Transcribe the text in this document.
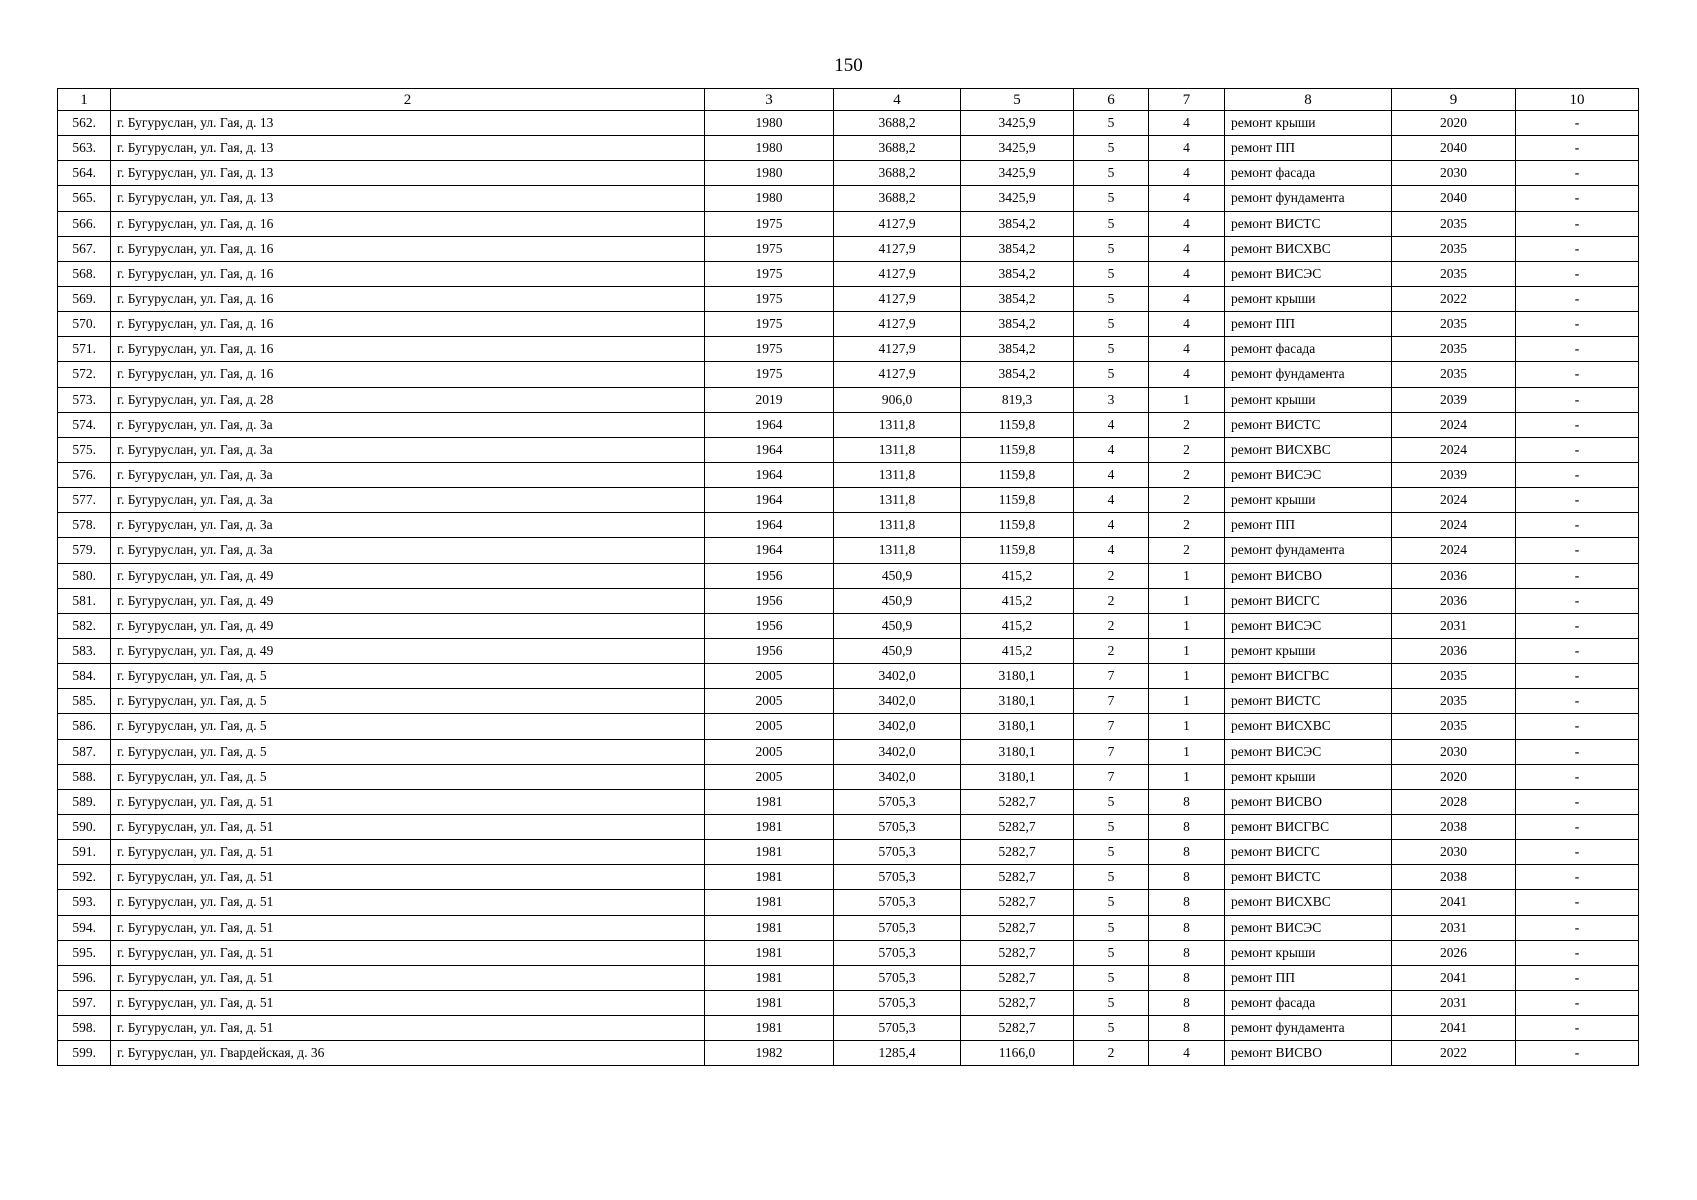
150
1	2	3	4	5	6	7	8	9	10
562.	г. Бугуруслан, ул. Гая, д. 13	1980	3688,2	3425,9	5	4	ремонт крыши	2020	-
563.	г. Бугуруслан, ул. Гая, д. 13	1980	3688,2	3425,9	5	4	ремонт ПП	2040	-
564.	г. Бугуруслан, ул. Гая, д. 13	1980	3688,2	3425,9	5	4	ремонт фасада	2030	-
565.	г. Бугуруслан, ул. Гая, д. 13	1980	3688,2	3425,9	5	4	ремонт фундамента	2040	-
566.	г. Бугуруслан, ул. Гая, д. 16	1975	4127,9	3854,2	5	4	ремонт ВИСТС	2035	-
567.	г. Бугуруслан, ул. Гая, д. 16	1975	4127,9	3854,2	5	4	ремонт ВИСХВС	2035	-
568.	г. Бугуруслан, ул. Гая, д. 16	1975	4127,9	3854,2	5	4	ремонт ВИСЭС	2035	-
569.	г. Бугуруслан, ул. Гая, д. 16	1975	4127,9	3854,2	5	4	ремонт крыши	2022	-
570.	г. Бугуруслан, ул. Гая, д. 16	1975	4127,9	3854,2	5	4	ремонт ПП	2035	-
571.	г. Бугуруслан, ул. Гая, д. 16	1975	4127,9	3854,2	5	4	ремонт фасада	2035	-
572.	г. Бугуруслан, ул. Гая, д. 16	1975	4127,9	3854,2	5	4	ремонт фундамента	2035	-
573.	г. Бугуруслан, ул. Гая, д. 28	2019	906,0	819,3	3	1	ремонт крыши	2039	-
574.	г. Бугуруслан, ул. Гая, д. 3а	1964	1311,8	1159,8	4	2	ремонт ВИСТС	2024	-
575.	г. Бугуруслан, ул. Гая, д. 3а	1964	1311,8	1159,8	4	2	ремонт ВИСХВС	2024	-
576.	г. Бугуруслан, ул. Гая, д. 3а	1964	1311,8	1159,8	4	2	ремонт ВИСЭС	2039	-
577.	г. Бугуруслан, ул. Гая, д. 3а	1964	1311,8	1159,8	4	2	ремонт крыши	2024	-
578.	г. Бугуруслан, ул. Гая, д. 3а	1964	1311,8	1159,8	4	2	ремонт ПП	2024	-
579.	г. Бугуруслан, ул. Гая, д. 3а	1964	1311,8	1159,8	4	2	ремонт фундамента	2024	-
580.	г. Бугуруслан, ул. Гая, д. 49	1956	450,9	415,2	2	1	ремонт ВИСВО	2036	-
581.	г. Бугуруслан, ул. Гая, д. 49	1956	450,9	415,2	2	1	ремонт ВИСГС	2036	-
582.	г. Бугуруслан, ул. Гая, д. 49	1956	450,9	415,2	2	1	ремонт ВИСЭС	2031	-
583.	г. Бугуруслан, ул. Гая, д. 49	1956	450,9	415,2	2	1	ремонт крыши	2036	-
584.	г. Бугуруслан, ул. Гая, д. 5	2005	3402,0	3180,1	7	1	ремонт ВИСГВС	2035	-
585.	г. Бугуруслан, ул. Гая, д. 5	2005	3402,0	3180,1	7	1	ремонт ВИСТС	2035	-
586.	г. Бугуруслан, ул. Гая, д. 5	2005	3402,0	3180,1	7	1	ремонт ВИСХВС	2035	-
587.	г. Бугуруслан, ул. Гая, д. 5	2005	3402,0	3180,1	7	1	ремонт ВИСЭС	2030	-
588.	г. Бугуруслан, ул. Гая, д. 5	2005	3402,0	3180,1	7	1	ремонт крыши	2020	-
589.	г. Бугуруслан, ул. Гая, д. 51	1981	5705,3	5282,7	5	8	ремонт ВИСВО	2028	-
590.	г. Бугуруслан, ул. Гая, д. 51	1981	5705,3	5282,7	5	8	ремонт ВИСГВС	2038	-
591.	г. Бугуруслан, ул. Гая, д. 51	1981	5705,3	5282,7	5	8	ремонт ВИСГС	2030	-
592.	г. Бугуруслан, ул. Гая, д. 51	1981	5705,3	5282,7	5	8	ремонт ВИСТС	2038	-
593.	г. Бугуруслан, ул. Гая, д. 51	1981	5705,3	5282,7	5	8	ремонт ВИСХВС	2041	-
594.	г. Бугуруслан, ул. Гая, д. 51	1981	5705,3	5282,7	5	8	ремонт ВИСЭС	2031	-
595.	г. Бугуруслан, ул. Гая, д. 51	1981	5705,3	5282,7	5	8	ремонт крыши	2026	-
596.	г. Бугуруслан, ул. Гая, д. 51	1981	5705,3	5282,7	5	8	ремонт ПП	2041	-
597.	г. Бугуруслан, ул. Гая, д. 51	1981	5705,3	5282,7	5	8	ремонт фасада	2031	-
598.	г. Бугуруслан, ул. Гая, д. 51	1981	5705,3	5282,7	5	8	ремонт фундамента	2041	-
599.	г. Бугуруслан, ул. Гвардейская, д. 36	1982	1285,4	1166,0	2	4	ремонт ВИСВО	2022	-
